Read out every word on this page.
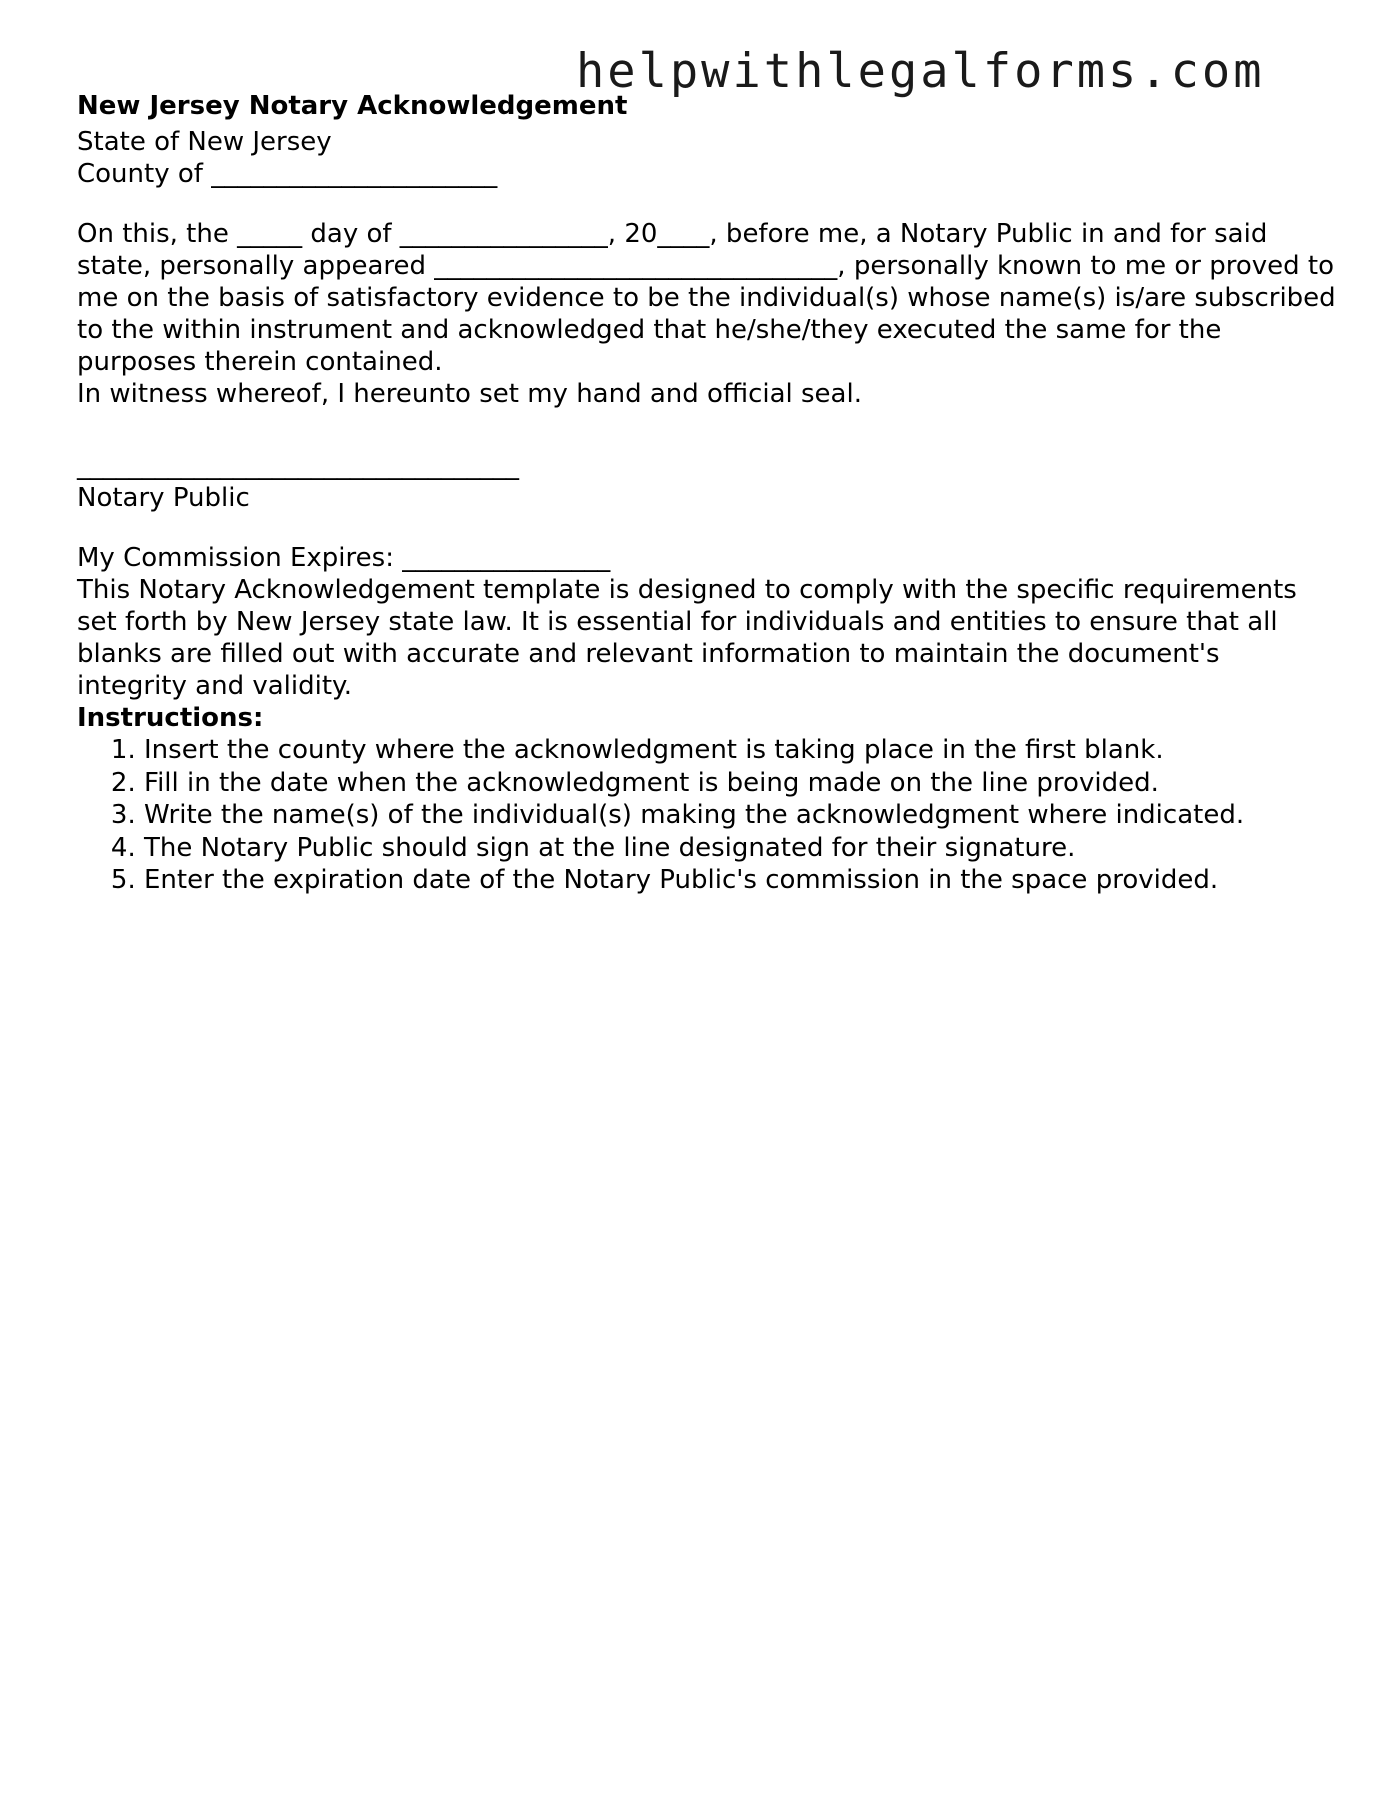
helpwithlegalforms.com

New Jersey Notary Acknowledgement

State of New Jersey

County of ______________________

On this, the _____ day of ________________, 20____, before me, a Notary Public in and for said state, personally appeared _______________________________, personally known to me or proved to me on the basis of satisfactory evidence to be the individual(s) whose name(s) is/are subscribed to the within instrument and acknowledged that he/she/they executed the same for the purposes therein contained.

In witness whereof, I hereunto set my hand and official seal.

__________________________________

Notary Public

My Commission Expires: ________________

This Notary Acknowledgement template is designed to comply with the specific requirements set forth by New Jersey state law. It is essential for individuals and entities to ensure that all blanks are filled out with accurate and relevant information to maintain the document's integrity and validity.

Instructions:

1. Insert the county where the acknowledgment is taking place in the first blank.
2. Fill in the date when the acknowledgment is being made on the line provided.
3. Write the name(s) of the individual(s) making the acknowledgment where indicated.
4. The Notary Public should sign at the line designated for their signature.
5. Enter the expiration date of the Notary Public's commission in the space provided.
